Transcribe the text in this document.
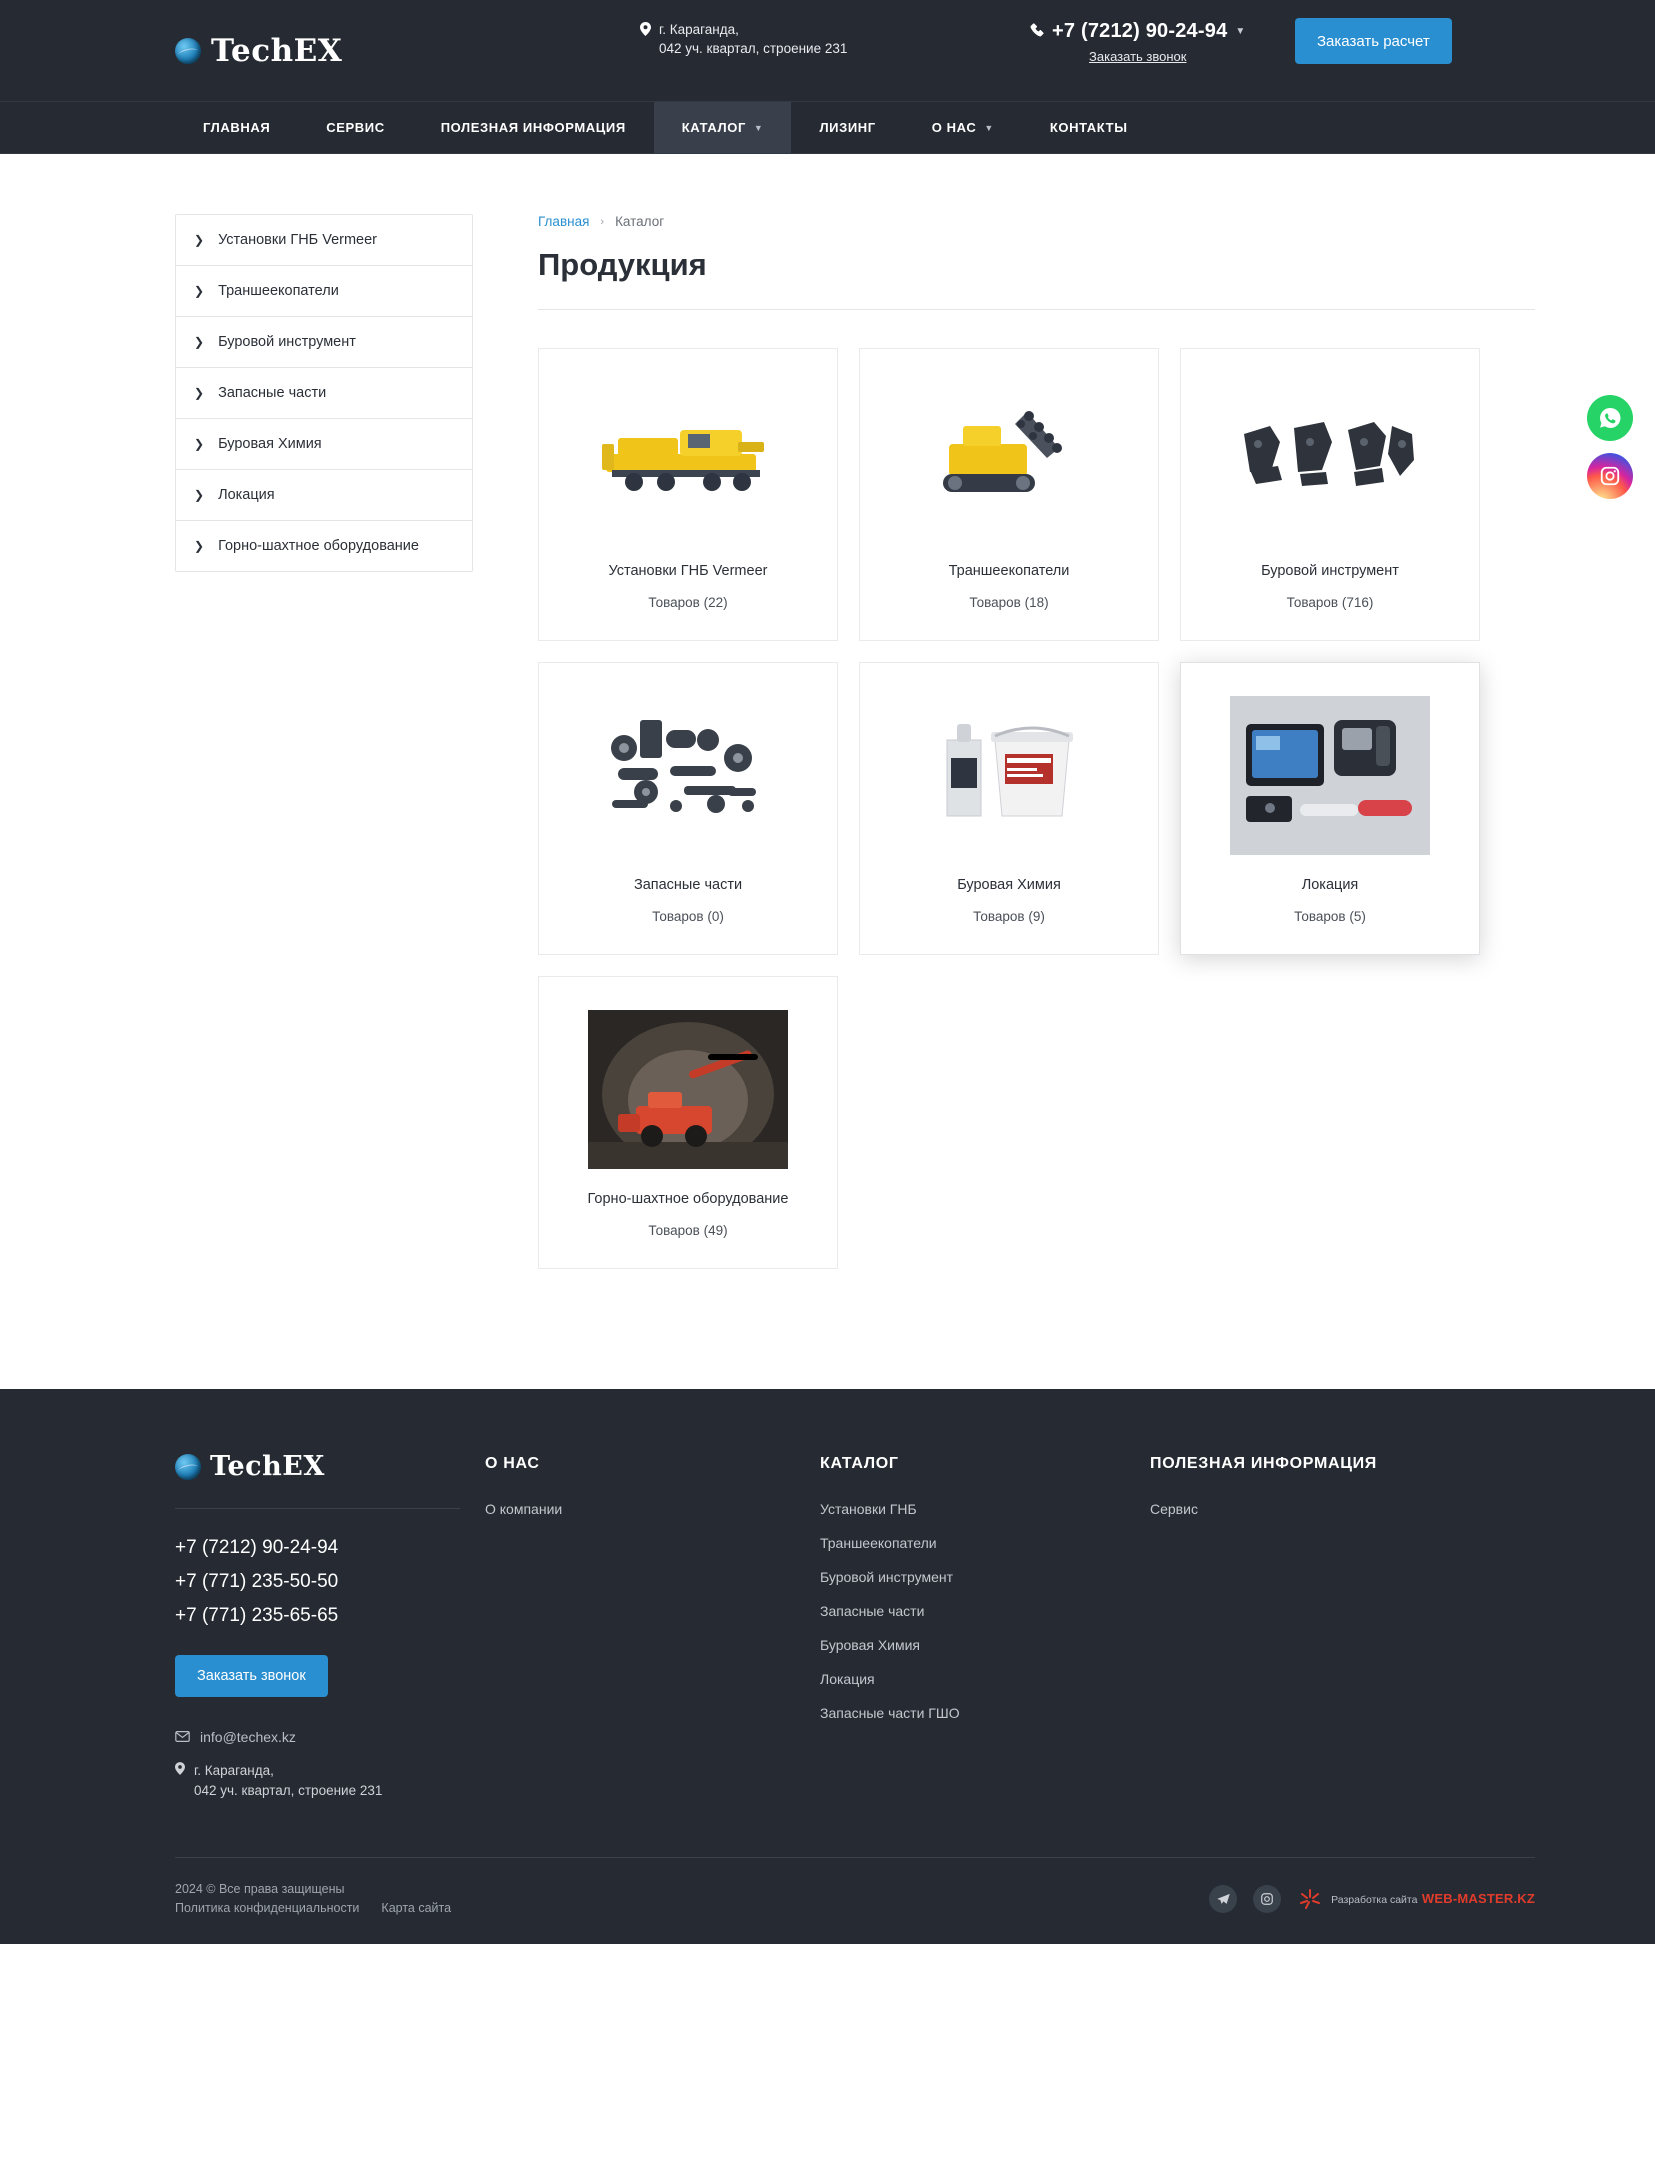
TechEX
г. Караганда,
042 уч. квартал, строение 231
+7 (7212) 90-24-94 ▼
Заказать звонок
Заказать расчет
ГЛАВНАЯ	СЕРВИС	ПОЛЕЗНАЯ ИНФОРМАЦИЯ	КАТАЛОГ ▼	ЛИЗИНГ	О НАС ▼	КОНТАКТЫ
❯ Установки ГНБ Vermeer
❯ Траншеекопатели
❯ Буровой инструмент
❯ Запасные части
❯ Буровая Химия
❯ Локация
❯ Горно-шахтное оборудование
Главная › Каталог
Продукция
Установки ГНБ Vermeer
Товаров (22)
Траншеекопатели
Товаров (18)
Буровой инструмент
Товаров (716)
Запасные части
Товаров (0)
Буровая Химия
Товаров (9)
Локация
Товаров (5)
Горно-шахтное оборудование
Товаров (49)
TechEX
+7 (7212) 90-24-94
+7 (771) 235-50-50
+7 (771) 235-65-65
Заказать звонок
info@techex.kz
г. Караганда,
042 уч. квартал, строение 231
О НАС
О компании
КАТАЛОГ
Установки ГНБ
Траншеекопатели
Буровой инструмент
Запасные части
Буровая Химия
Локация
Запасные части ГШО
ПОЛЕЗНАЯ ИНФОРМАЦИЯ
Сервис
2024 © Все права защищены
Политика конфиденциальности Карта сайта
Разработка сайта WEB-MASTER.KZ
